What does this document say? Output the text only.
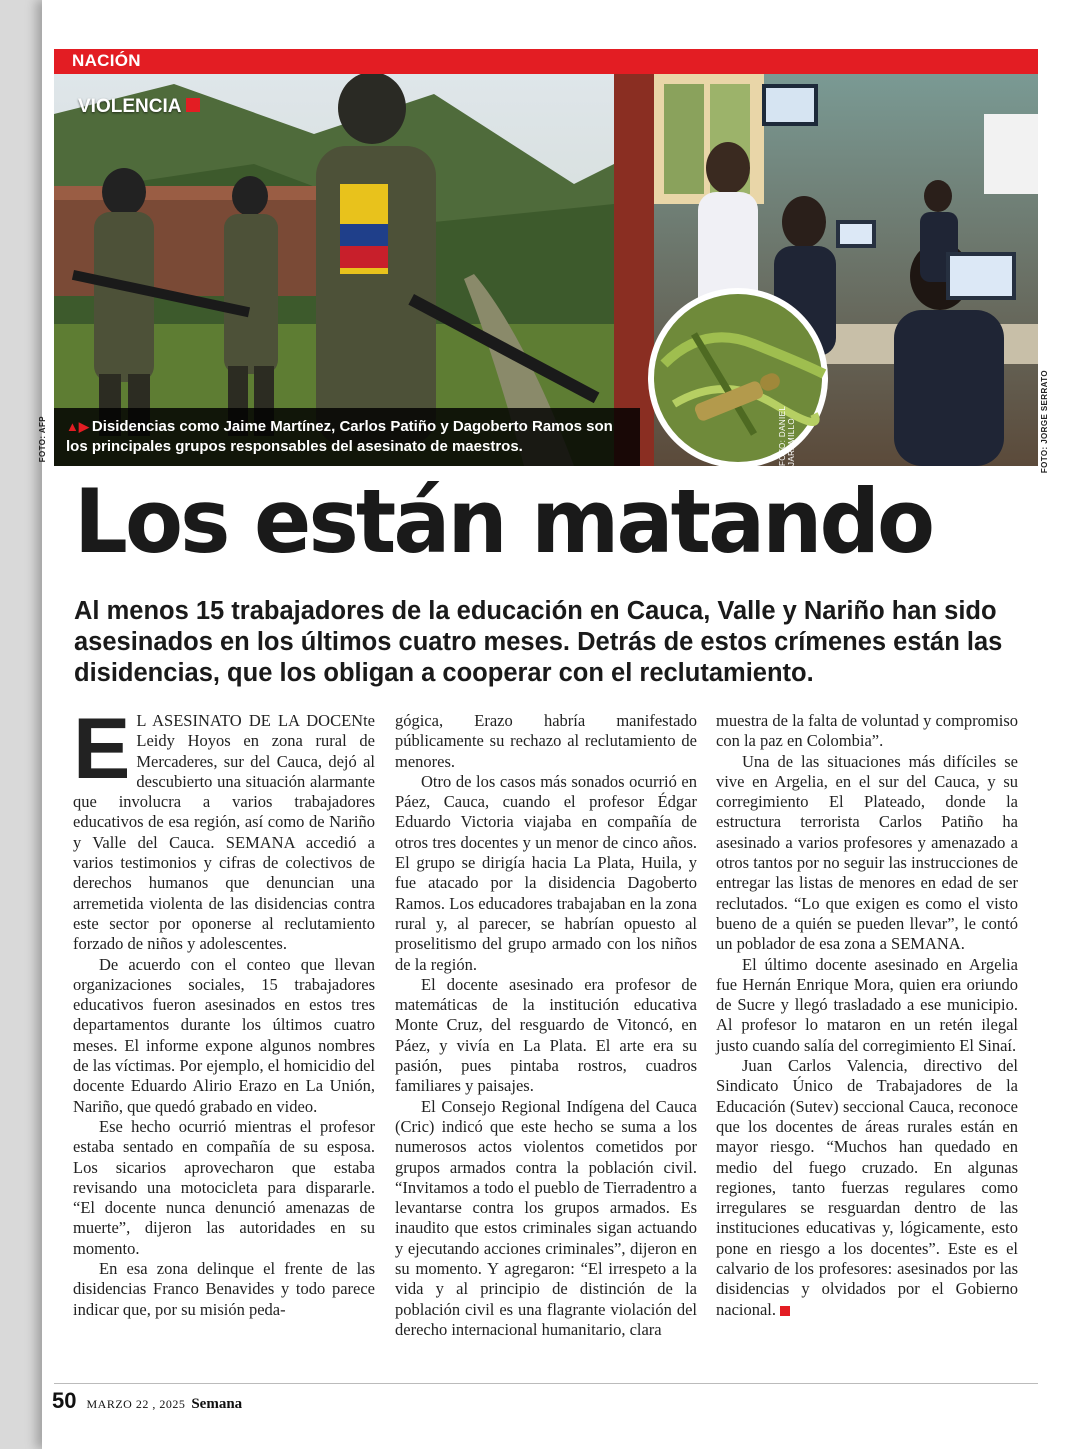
NACIÓN
VIOLENCIA
FOTO: DANIEL JARAMILLO
▲▶ Disidencias como Jaime Martínez, Carlos Patiño y Dagoberto Ramos son los principales grupos responsables del asesinato de maestros.
FOTO: AFP	FOTO: JORGE SERRATO
Los están matando

Al menos 15 trabajadores de la educación en Cauca, Valle y Nariño han sido asesinados en los últimos cuatro meses. Detrás de estos crímenes están las disidencias, que los obligan a cooperar con el reclutamiento.

E L ASESINATO DE LA DOCENte Leidy Hoyos en zona rural de Mercaderes, sur del Cauca, dejó al descubierto una situación alarmante que involucra a varios trabajadores educativos de esa región, así como de Nariño y Valle del Cauca. SEMANA accedió a varios testimonios y cifras de colectivos de derechos humanos que denuncian una arremetida violenta de las disidencias contra este sector por oponerse al reclutamiento forzado de niños y adolescentes.

De acuerdo con el conteo que llevan organizaciones sociales, 15 trabajadores educativos fueron asesinados en estos tres departamentos durante los últimos cuatro meses. El informe expone algunos nombres de las víctimas. Por ejemplo, el homicidio del docente Eduardo Alirio Erazo en La Unión, Nariño, que quedó grabado en video.

Ese hecho ocurrió mientras el profesor estaba sentado en compañía de su esposa. Los sicarios aprovecharon que estaba revisando una motocicleta para dispararle. “El docente nunca denunció amenazas de muerte”, dijeron las autoridades en su momento.

En esa zona delinque el frente de las disidencias Franco Benavides y todo parece indicar que, por su misión peda-

gógica, Erazo habría manifestado públicamente su rechazo al reclutamiento de menores.

Otro de los casos más sonados ocurrió en Páez, Cauca, cuando el profesor Édgar Eduardo Victoria viajaba en compañía de otros tres docentes y un menor de cinco años. El grupo se dirigía hacia La Plata, Huila, y fue atacado por la disidencia Dagoberto Ramos. Los educadores trabajaban en la zona rural y, al parecer, se habrían opuesto al proselitismo del grupo armado con los niños de la región.

El docente asesinado era profesor de matemáticas de la institución educativa Monte Cruz, del resguardo de Vitoncó, en Páez, y vivía en La Plata. El arte era su pasión, pues pintaba rostros, cuadros familiares y paisajes.

El Consejo Regional Indígena del Cauca (Cric) indicó que este hecho se suma a los numerosos actos violentos cometidos por grupos armados contra la población civil. “Invitamos a todo el pueblo de Tierradentro a levantarse contra los grupos armados. Es inaudito que estos criminales sigan actuando y ejecutando acciones criminales”, dijeron en su momento. Y agregaron: “El irrespeto a la vida y al principio de distinción de la población civil es una flagrante violación del derecho internacional humanitario, clara

muestra de la falta de voluntad y compromiso con la paz en Colombia”.

Una de las situaciones más difíciles se vive en Argelia, en el sur del Cauca, y su corregimiento El Plateado, donde la estructura terrorista Carlos Patiño ha asesinado a varios profesores y amenazado a otros tantos por no seguir las instrucciones de entregar las listas de menores en edad de ser reclutados. “Lo que exigen es como el visto bueno de a quién se pueden llevar”, le contó un poblador de esa zona a SEMANA.

El último docente asesinado en Argelia fue Hernán Enrique Mora, quien era oriundo de Sucre y llegó trasladado a ese municipio. Al profesor lo mataron en un retén ilegal justo cuando salía del corregimiento El Sinaí.

Juan Carlos Valencia, directivo del Sindicato Único de Trabajadores de la Educación (Sutev) seccional Cauca, reconoce que los docentes de áreas rurales están en mayor riesgo. “Muchos han quedado en medio del fuego cruzado. En algunas regiones, tanto fuerzas regulares como irregulares se resguardan dentro de las instituciones educativas y, lógicamente, esto pone en riesgo a los docentes”. Este es el calvario de los profesores: asesinados por las disidencias y olvidados por el Gobierno nacional.

50 MARZO 22 , 2025 Semana
